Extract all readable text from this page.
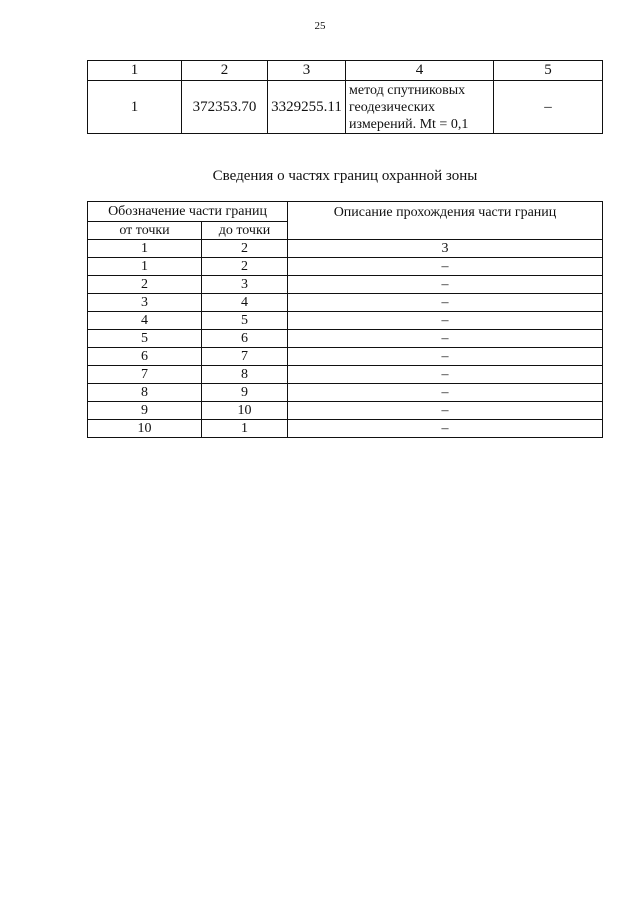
25
1	2	3	4	5
1	372353.70	3329255.11	метод спутниковых
геодезических
измерений. Mt = 0,1	–
Сведения о частях границ охранной зоны
Обозначение части границ		Описание прохождения части границ
от точки	до точки	
1	2	3
1	2	–
2	3	–
3	4	–
4	5	–
5	6	–
6	7	–
7	8	–
8	9	–
9	10	–
10	1	–
